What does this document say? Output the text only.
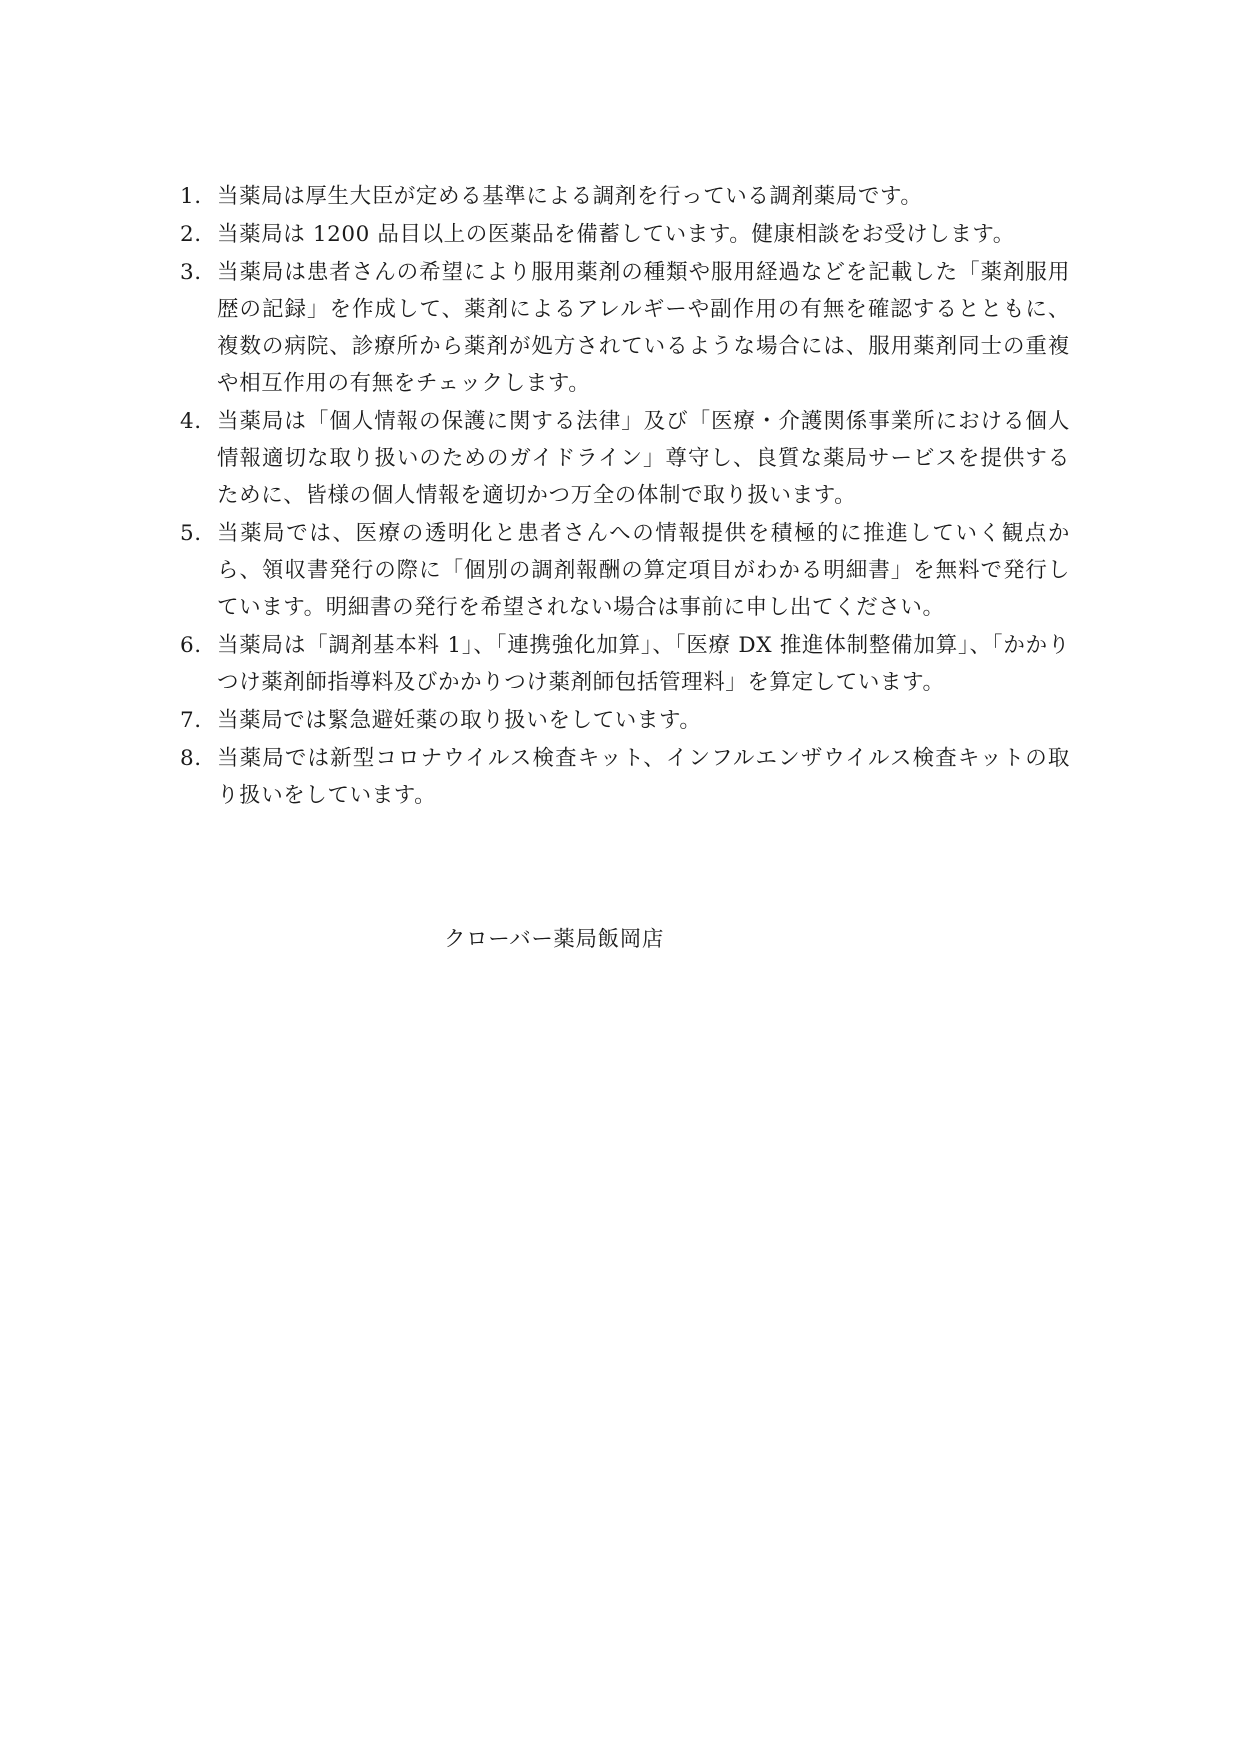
1. 当薬局は厚生大臣が定める基準による調剤を行っている調剤薬局です。
2. 当薬局は 1200 品目以上の医薬品を備蓄しています。健康相談をお受けします。
3. 当薬局は患者さんの希望により服用薬剤の種類や服用経過などを記載した「薬剤服用歴の記録」を作成して、薬剤によるアレルギーや副作用の有無を確認するとともに、複数の病院、診療所から薬剤が処方されているような場合には、服用薬剤同士の重複や相互作用の有無をチェックします。
4. 当薬局は「個人情報の保護に関する法律」及び「医療・介護関係事業所における個人情報適切な取り扱いのためのガイドライン」尊守し、良質な薬局サービスを提供するために、皆様の個人情報を適切かつ万全の体制で取り扱います。
5. 当薬局では、医療の透明化と患者さんへの情報提供を積極的に推進していく観点から、領収書発行の際に「個別の調剤報酬の算定項目がわかる明細書」を無料で発行しています。明細書の発行を希望されない場合は事前に申し出てください。
6. 当薬局は「調剤基本料 1」、「連携強化加算」、「医療 DX 推進体制整備加算」、「かかりつけ薬剤師指導料及びかかりつけ薬剤師包括管理料」を算定しています。
7. 当薬局では緊急避妊薬の取り扱いをしています。
8. 当薬局では新型コロナウイルス検査キット、インフルエンザウイルス検査キットの取り扱いをしています。
クローバー薬局飯岡店
